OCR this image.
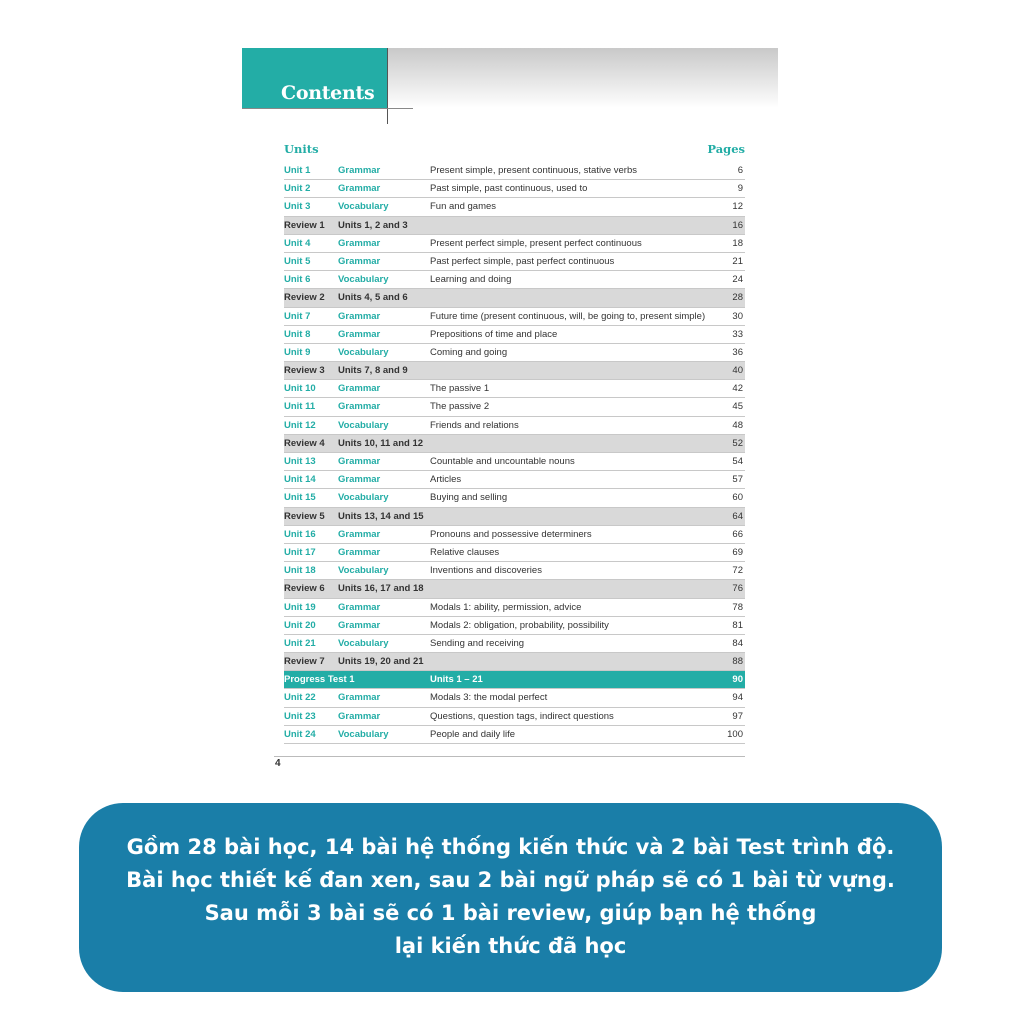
Contents
Units	Pages
Unit 1	Grammar	Present simple, present continuous, stative verbs	6
Unit 2	Grammar	Past simple, past continuous, used to	9
Unit 3	Vocabulary	Fun and games	12
Review 1 Units 1, 2 and 3	16
Unit 4	Grammar	Present perfect simple, present perfect continuous	18
Unit 5	Grammar	Past perfect simple, past perfect continuous	21
Unit 6	Vocabulary	Learning and doing	24
Review 2 Units 4, 5 and 6	28
Unit 7	Grammar	Future time (present continuous, will, be going to, present simple)	30
Unit 8	Grammar	Prepositions of time and place	33
Unit 9	Vocabulary	Coming and going	36
Review 3 Units 7, 8 and 9	40
Unit 10 Grammar	The passive 1	42
Unit 11 Grammar	The passive 2	45
Unit 12 Vocabulary	Friends and relations	48
Review 4 Units 10, 11 and 12	52
Unit 13 Grammar	Countable and uncountable nouns	54
Unit 14 Grammar	Articles	57
Unit 15 Vocabulary	Buying and selling	60
Review 5 Units 13, 14 and 15	64
Unit 16 Grammar	Pronouns and possessive determiners	66
Unit 17 Grammar	Relative clauses	69
Unit 18 Vocabulary	Inventions and discoveries	72
Review 6 Units 16, 17 and 18	76
Unit 19 Grammar	Modals 1: ability, permission, advice	78
Unit 20 Grammar	Modals 2: obligation, probability, possibility	81
Unit 21 Vocabulary	Sending and receiving	84
Review 7 Units 19, 20 and 21	88
Progress Test 1	Units 1 – 21	90
Unit 22 Grammar	Modals 3: the modal perfect	94
Unit 23 Grammar	Questions, question tags, indirect questions	97
Unit 24 Vocabulary	People and daily life	100
4
Gồm 28 bài học, 14 bài hệ thống kiến thức và 2 bài Test trình độ.
Bài học thiết kế đan xen, sau 2 bài ngữ pháp sẽ có 1 bài từ vựng.
Sau mỗi 3 bài sẽ có 1 bài review, giúp bạn hệ thống
lại kiến thức đã học
